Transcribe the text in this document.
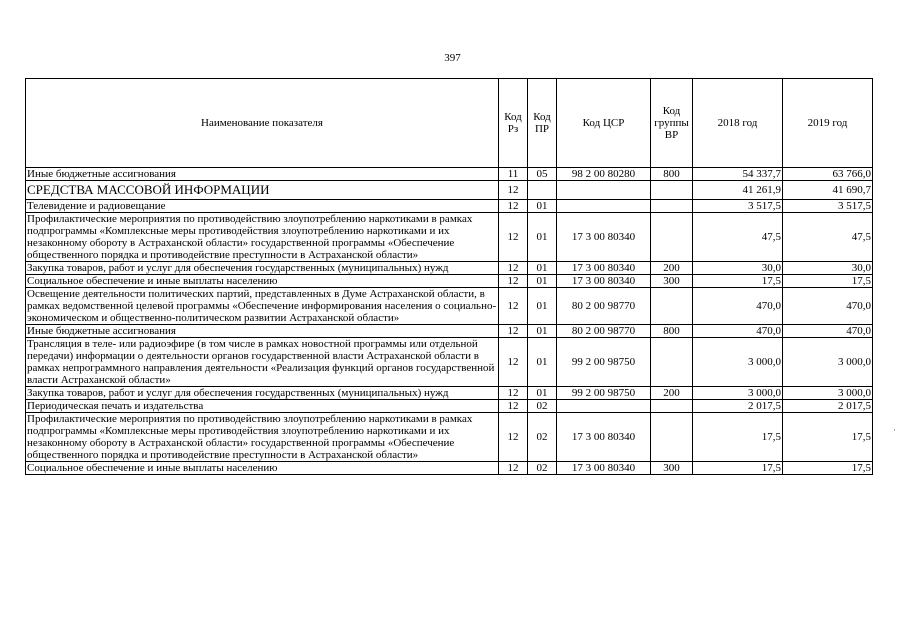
397
Наименование показателя	Код Рз	Код ПР	Код ЦСР	Код группы ВР	2018 год	2019 год
Иные бюджетные ассигнования	11	05	98 2 00 80280	800	54 337,7	63 766,0
СРЕДСТВА МАССОВОЙ ИНФОРМАЦИИ	12				41 261,9	41 690,7
Телевидение и радиовещание	12	01			3 517,5	3 517,5
Профилактические мероприятия по противодействию злоупотреблению наркотиками в рамках подпрограммы «Комплексные меры противодействия злоупотреблению наркотиками и их незаконному обороту в Астраханской области» государственной программы «Обеспечение общественного порядка и противодействие преступности в Астраханской области»	12	01	17 3 00 80340		47,5	47,5
Закупка товаров, работ и услуг для обеспечения государственных (муниципальных) нужд	12	01	17 3 00 80340	200	30,0	30,0
Социальное обеспечение и иные выплаты населению	12	01	17 3 00 80340	300	17,5	17,5
Освещение деятельности политических партий, представленных в Думе Астраханской области, в рамках ведомственной целевой программы «Обеспечение информирования населения о социально-экономическом и общественно-политическом развитии Астраханской области»	12	01	80 2 00 98770		470,0	470,0
Иные бюджетные ассигнования	12	01	80 2 00 98770	800	470,0	470,0
Трансляция в теле- или радиоэфире (в том числе в рамках новостной программы или отдельной передачи) информации о деятельности органов государственной власти Астраханской области в рамках непрограммного направления деятельности «Реализация функций органов государственной власти Астраханской области»	12	01	99 2 00 98750		3 000,0	3 000,0
Закупка товаров, работ и услуг для обеспечения государственных (муниципальных) нужд	12	01	99 2 00 98750	200	3 000,0	3 000,0
Периодическая печать и издательства	12	02			2 017,5	2 017,5
Профилактические мероприятия по противодействию злоупотреблению наркотиками в рамках подпрограммы «Комплексные меры противодействия злоупотреблению наркотиками и их незаконному обороту в Астраханской области» государственной программы «Обеспечение общественного порядка и противодействие преступности в Астраханской области»	12	02	17 3 00 80340		17,5	17,5
Социальное обеспечение и иные выплаты населению	12	02	17 3 00 80340	300	17,5	17,5
·
